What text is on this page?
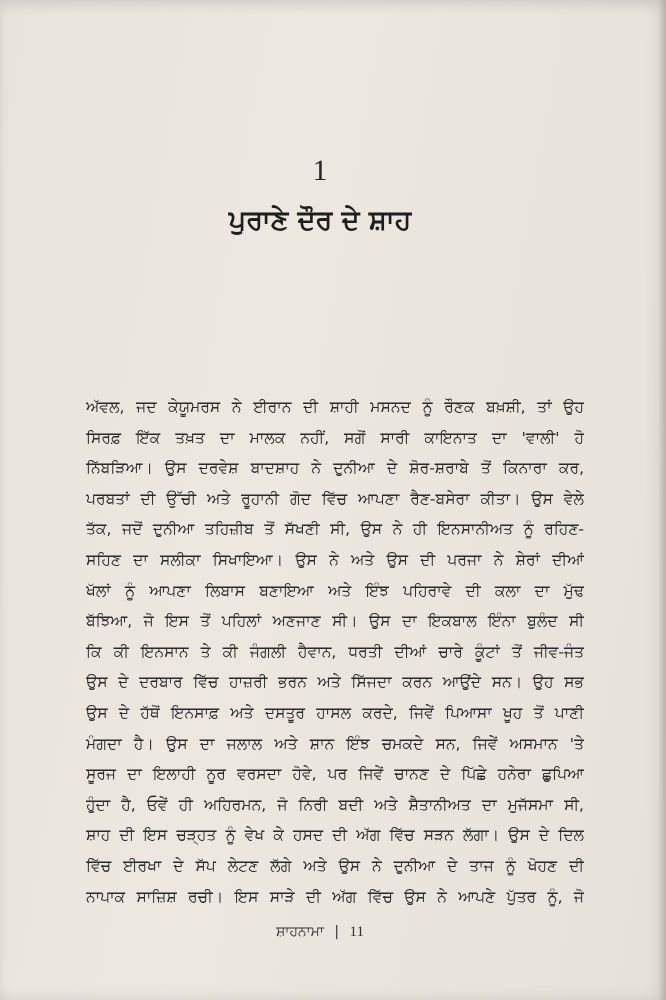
1
ਪੁਰਾਣੇ ਦੌਰ ਦੇ ਸ਼ਾਹ
ਅੱਵਲ, ਜਦ ਕੇਯੂਮਰਸ ਨੇ ਈਰਾਨ ਦੀ ਸ਼ਾਹੀ ਮਸਨਦ ਨੂੰ ਰੌਣਕ ਬਖ਼ਸ਼ੀ, ਤਾਂ ਉਹ
ਸਿਰਫ਼ ਇੱਕ ਤਖ਼ਤ ਦਾ ਮਾਲਕ ਨਹੀਂ, ਸਗੋਂ ਸਾਰੀ ਕਾਇਨਾਤ ਦਾ 'ਵਾਲੀ' ਹੋ
ਨਿੱਬੜਿਆ। ਉਸ ਦਰਵੇਸ਼ ਬਾਦਸ਼ਾਹ ਨੇ ਦੁਨੀਆ ਦੇ ਸ਼ੋਰ-ਸ਼ਰਾਬੇ ਤੋਂ ਕਿਨਾਰਾ ਕਰ,
ਪਰਬਤਾਂ ਦੀ ਉੱਚੀ ਅਤੇ ਰੂਹਾਨੀ ਗੋਦ ਵਿੱਚ ਆਪਣਾ ਰੈਣ-ਬਸੇਰਾ ਕੀਤਾ। ਉਸ ਵੇਲੇ
ਤੱਕ, ਜਦੋਂ ਦੁਨੀਆ ਤਹਿਜ਼ੀਬ ਤੋਂ ਸੱਖਣੀ ਸੀ, ਉਸ ਨੇ ਹੀ ਇਨਸਾਨੀਅਤ ਨੂੰ ਰਹਿਣ-
ਸਹਿਣ ਦਾ ਸਲੀਕਾ ਸਿਖਾਇਆ। ਉਸ ਨੇ ਅਤੇ ਉਸ ਦੀ ਪਰਜਾ ਨੇ ਸ਼ੇਰਾਂ ਦੀਆਂ
ਖੱਲਾਂ ਨੂੰ ਆਪਣਾ ਲਿਬਾਸ ਬਣਾਇਆ ਅਤੇ ਇੰਝ ਪਹਿਰਾਵੇ ਦੀ ਕਲਾ ਦਾ ਮੁੱਢ
ਬੱਝਿਆ, ਜੋ ਇਸ ਤੋਂ ਪਹਿਲਾਂ ਅਣਜਾਣ ਸੀ। ਉਸ ਦਾ ਇਕਬਾਲ ਇੰਨਾ ਬੁਲੰਦ ਸੀ
ਕਿ ਕੀ ਇਨਸਾਨ ਤੇ ਕੀ ਜੰਗਲੀ ਹੈਵਾਨ, ਧਰਤੀ ਦੀਆਂ ਚਾਰੇ ਕੂੰਟਾਂ ਤੋਂ ਜੀਵ-ਜੰਤ
ਉਸ ਦੇ ਦਰਬਾਰ ਵਿੱਚ ਹਾਜ਼ਰੀ ਭਰਨ ਅਤੇ ਸਿੱਜਦਾ ਕਰਨ ਆਉਂਦੇ ਸਨ। ਉਹ ਸਭ
ਉਸ ਦੇ ਹੱਥੋਂ ਇਨਸਾਫ਼ ਅਤੇ ਦਸਤੂਰ ਹਾਸਲ ਕਰਦੇ, ਜਿਵੇਂ ਪਿਆਸਾ ਖੂਹ ਤੋਂ ਪਾਣੀ
ਮੰਗਦਾ ਹੈ। ਉਸ ਦਾ ਜਲਾਲ ਅਤੇ ਸ਼ਾਨ ਇੰਝ ਚਮਕਦੇ ਸਨ, ਜਿਵੇਂ ਅਸਮਾਨ 'ਤੇ
ਸੂਰਜ ਦਾ ਇਲਾਹੀ ਨੂਰ ਵਰਸਦਾ ਹੋਵੇ, ਪਰ ਜਿਵੇਂ ਚਾਨਣ ਦੇ ਪਿੱਛੇ ਹਨੇਰਾ ਛੁਪਿਆ
ਹੁੰਦਾ ਹੈ, ਓਵੇਂ ਹੀ ਅਹਿਰਮਨ, ਜੋ ਨਿਰੀ ਬਦੀ ਅਤੇ ਸ਼ੈਤਾਨੀਅਤ ਦਾ ਮੁਜੱਸਮਾ ਸੀ,
ਸ਼ਾਹ ਦੀ ਇਸ ਚੜ੍ਹਤ ਨੂੰ ਵੇਖ ਕੇ ਹਸਦ ਦੀ ਅੱਗ ਵਿੱਚ ਸੜਨ ਲੱਗਾ। ਉਸ ਦੇ ਦਿਲ
ਵਿੱਚ ਈਰਖਾ ਦੇ ਸੱਪ ਲੇਟਣ ਲੱਗੇ ਅਤੇ ਉਸ ਨੇ ਦੁਨੀਆ ਦੇ ਤਾਜ ਨੂੰ ਖੋਹਣ ਦੀ
ਨਾਪਾਕ ਸਾਜ਼ਿਸ਼ ਰਚੀ। ਇਸ ਸਾੜੇ ਦੀ ਅੱਗ ਵਿੱਚ ਉਸ ਨੇ ਆਪਣੇ ਪੁੱਤਰ ਨੂੰ, ਜੋ
ਸ਼ਾਹਨਾਮਾ | 11
